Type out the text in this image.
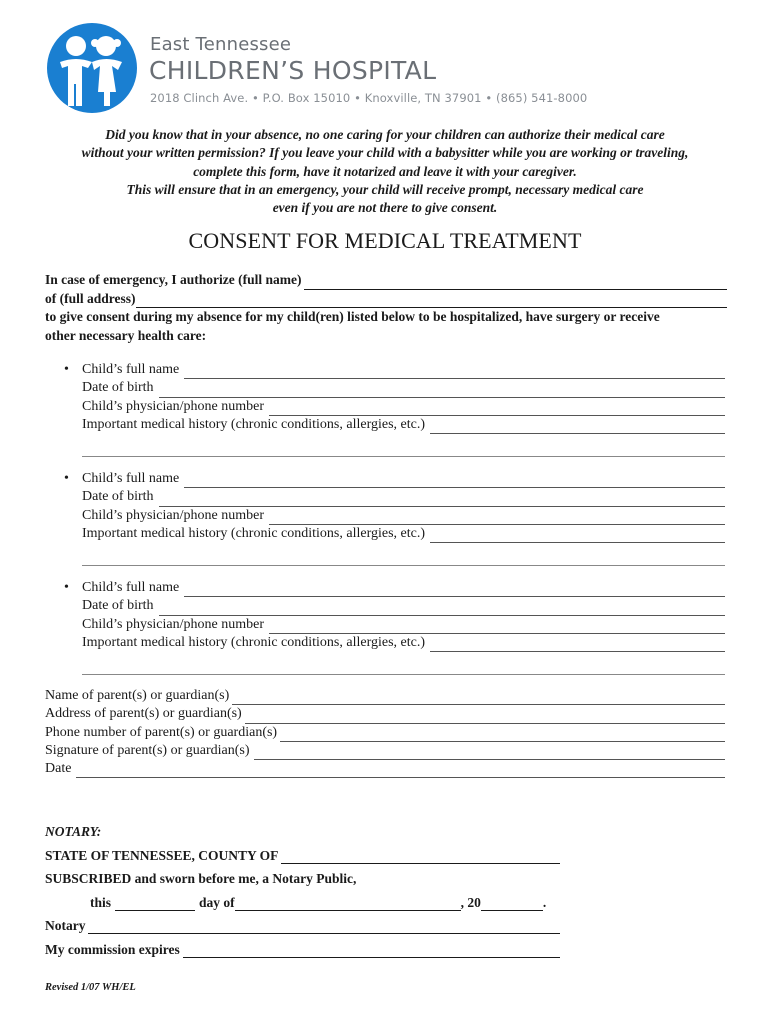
East Tennessee
CHILDREN’S HOSPITAL
2018 Clinch Ave. • P.O. Box 15010 • Knoxville, TN 37901 • (865) 541-8000
Did you know that in your absence, no one caring for your children can authorize their medical care
without your written permission? If you leave your child with a babysitter while you are working or traveling,
complete this form, have it notarized and leave it with your caregiver.
This will ensure that in an emergency, your child will receive prompt, necessary medical care
even if you are not there to give consent.
CONSENT FOR MEDICAL TREATMENT
In case of emergency, I authorize (full name)
of (full address)
to give consent during my absence for my child(ren) listed below to be hospitalized, have surgery or receive
other necessary health care:
• Child’s full name
Date of birth
Child’s physician/phone number
Important medical history (chronic conditions, allergies, etc.)
• Child’s full name
Date of birth
Child’s physician/phone number
Important medical history (chronic conditions, allergies, etc.)
• Child’s full name
Date of birth
Child’s physician/phone number
Important medical history (chronic conditions, allergies, etc.)
Name of parent(s) or guardian(s)
Address of parent(s) or guardian(s)
Phone number of parent(s) or guardian(s)
Signature of parent(s) or guardian(s)
Date
NOTARY:
STATE OF TENNESSEE, COUNTY OF
SUBSCRIBED and sworn before me, a Notary Public,
this	day of	, 20	.
Notary
My commission expires
Revised 1/07 WH/EL
